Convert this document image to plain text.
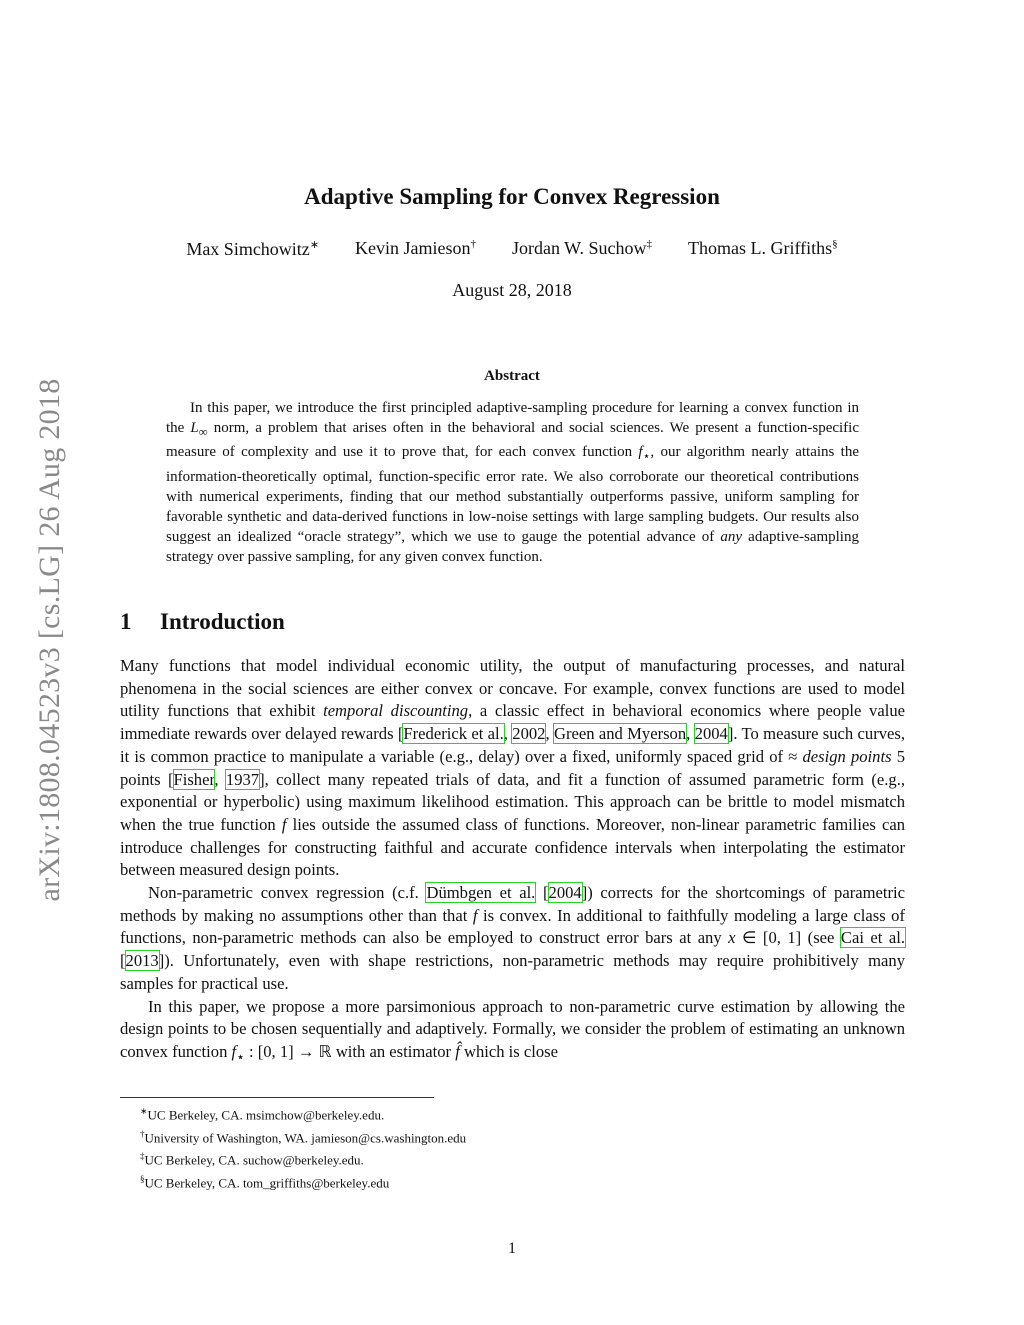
arXiv:1808.04523v3 [cs.LG] 26 Aug 2018
Adaptive Sampling for Convex Regression
Max Simchowitz∗ Kevin Jamieson† Jordan W. Suchow‡ Thomas L. Griffiths§
August 28, 2018
Abstract
In this paper, we introduce the first principled adaptive-sampling procedure for learning a convex function in the $L_\infty$ norm, a problem that arises often in the behavioral and social sciences. We present a function-specific measure of complexity and use it to prove that, for each convex function $f_⋆$, our algorithm nearly attains the information-theoretically optimal, function-specific error rate. We also corroborate our theoretical contributions with numerical experiments, finding that our method substantially outperforms passive, uniform sampling for favorable synthetic and data-derived functions in low-noise settings with large sampling budgets. Our results also suggest an idealized “oracle strategy”, which we use to gauge the potential advance of any adaptive-sampling strategy over passive sampling, for any given convex function.
1 Introduction

Many functions that model individual economic utility, the output of manufacturing processes, and natural phenomena in the social sciences are either convex or concave. For example, convex functions are used to model utility functions that exhibit temporal discounting, a classic effect in behavioral economics where people value immediate rewards over delayed rewards [Frederick et al., 2002, Green and Myerson, 2004]. To measure such curves, it is common practice to manipulate a variable (e.g., delay) over a fixed, uniformly spaced grid of ≈ design points 5 points [Fisher, 1937], collect many repeated trials of data, and fit a function of assumed parametric form (e.g., exponential or hyperbolic) using maximum likelihood estimation. This approach can be brittle to model mismatch when the true function f lies outside the assumed class of functions. Moreover, non-linear parametric families can introduce challenges for constructing faithful and accurate confidence intervals when interpolating the estimator between measured design points.

Non-parametric convex regression (c.f. Dümbgen et al. [2004]) corrects for the shortcomings of parametric methods by making no assumptions other than that f is convex. In additional to faithfully modeling a large class of functions, non-parametric methods can also be employed to construct error bars at any x ∈ [0, 1] (see Cai et al. [2013]). Unfortunately, even with shape restrictions, non-parametric methods may require prohibitively many samples for practical use.

In this paper, we propose a more parsimonious approach to non-parametric curve estimation by allowing the design points to be chosen sequentially and adaptively. Formally, we consider the problem of estimating an unknown convex function $f_⋆$ : [0, 1] → ℝ with an estimator f̂ which is close

∗UC Berkeley, CA. msimchow@berkeley.edu.
†University of Washington, WA. jamieson@cs.washington.edu
‡UC Berkeley, CA. suchow@berkeley.edu.
§UC Berkeley, CA. tom_griffiths@berkeley.edu
1
